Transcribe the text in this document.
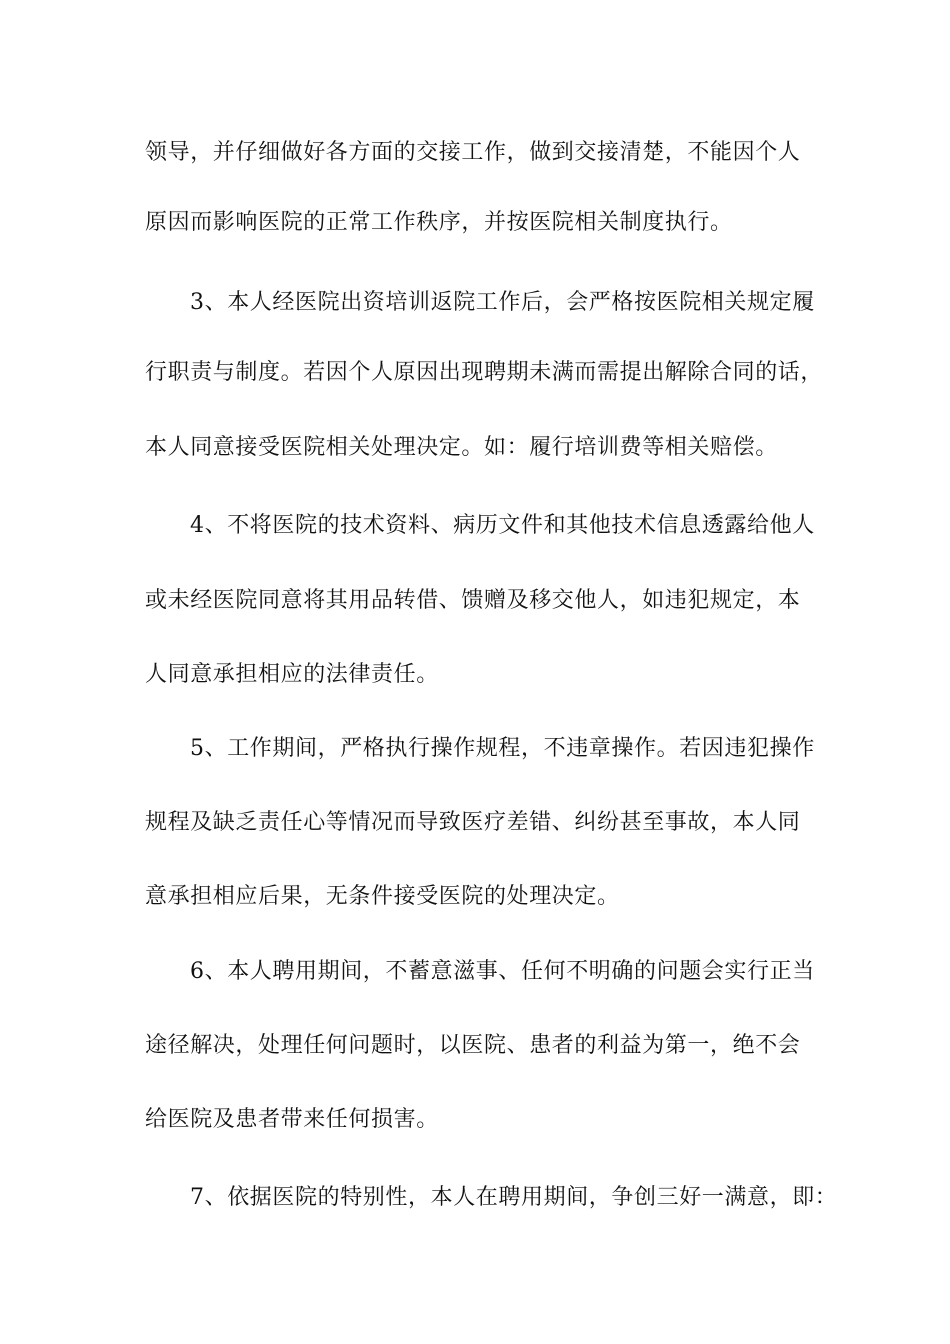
领导，并仔细做好各方面的交接工作，做到交接清楚，不能因个人
原因而影响医院的正常工作秩序，并按医院相关制度执行。
3、本人经医院出资培训返院工作后，会严格按医院相关规定履
行职责与制度。若因个人原因出现聘期未满而需提出解除合同的话，
本人同意接受医院相关处理决定。如：履行培训费等相关赔偿。
4、不将医院的技术资料、病历文件和其他技术信息透露给他人
或未经医院同意将其用品转借、馈赠及移交他人，如违犯规定，本
人同意承担相应的法律责任。
5、工作期间，严格执行操作规程，不违章操作。若因违犯操作
规程及缺乏责任心等情况而导致医疗差错、纠纷甚至事故，本人同
意承担相应后果，无条件接受医院的处理决定。
6、本人聘用期间，不蓄意滋事、任何不明确的问题会实行正当
途径解决，处理任何问题时，以医院、患者的利益为第一，绝不会
给医院及患者带来任何损害。
7、依据医院的特别性，本人在聘用期间，争创三好一满意，即：
